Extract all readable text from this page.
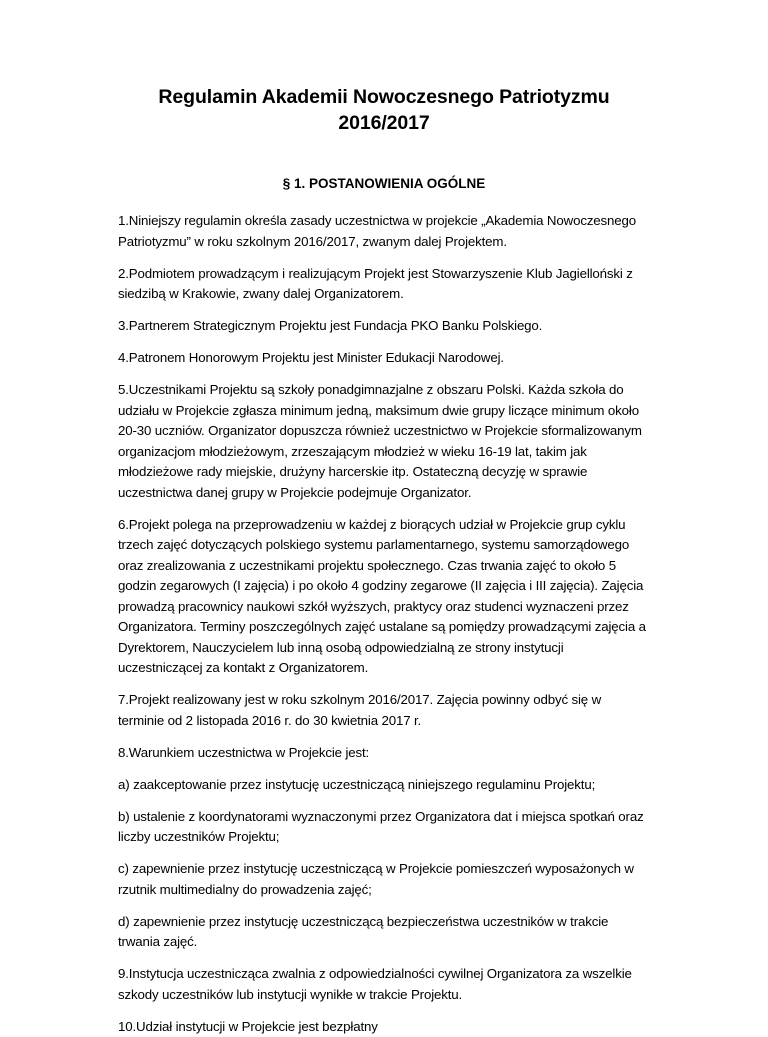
Regulamin Akademii Nowoczesnego Patriotyzmu 2016/2017
§ 1. POSTANOWIENIA OGÓLNE

1.Niniejszy regulamin określa zasady uczestnictwa w projekcie „Akademia Nowoczesnego Patriotyzmu” w roku szkolnym 2016/2017, zwanym dalej Projektem.

2.Podmiotem prowadzącym i realizującym Projekt jest Stowarzyszenie Klub Jagielloński z siedzibą w Krakowie, zwany dalej Organizatorem.

3.Partnerem Strategicznym Projektu jest Fundacja PKO Banku Polskiego.

4.Patronem Honorowym Projektu jest Minister Edukacji Narodowej.

5.Uczestnikami Projektu są szkoły ponadgimnazjalne z obszaru Polski. Każda szkoła do udziału w Projekcie zgłasza minimum jedną, maksimum dwie grupy liczące minimum około 20-30 uczniów. Organizator dopuszcza również uczestnictwo w Projekcie sformalizowanym organizacjom młodzieżowym, zrzeszającym młodzież w wieku 16-19 lat, takim jak młodzieżowe rady miejskie, drużyny harcerskie itp. Ostateczną decyzję w sprawie uczestnictwa danej grupy w Projekcie podejmuje Organizator.

6.Projekt polega na przeprowadzeniu w każdej z biorących udział w Projekcie grup cyklu trzech zajęć dotyczących polskiego systemu parlamentarnego, systemu samorządowego oraz zrealizowania z uczestnikami projektu społecznego. Czas trwania zajęć to około 5 godzin zegarowych (I zajęcia) i po około 4 godziny zegarowe (II zajęcia i III zajęcia). Zajęcia prowadzą pracownicy naukowi szkół wyższych, praktycy oraz studenci wyznaczeni przez Organizatora. Terminy poszczególnych zajęć ustalane są pomiędzy prowadzącymi zajęcia a Dyrektorem, Nauczycielem lub inną osobą odpowiedzialną ze strony instytucji uczestniczącej za kontakt z Organizatorem.

7.Projekt realizowany jest w roku szkolnym 2016/2017. Zajęcia powinny odbyć się w terminie od 2 listopada 2016 r. do 30 kwietnia 2017 r.

8.Warunkiem uczestnictwa w Projekcie jest:

a) zaakceptowanie przez instytucję uczestniczącą niniejszego regulaminu Projektu;

b) ustalenie z koordynatorami wyznaczonymi przez Organizatora dat i miejsca spotkań oraz liczby uczestników Projektu;

c) zapewnienie przez instytucję uczestniczącą w Projekcie pomieszczeń wyposażonych w rzutnik multimedialny do prowadzenia zajęć;

d) zapewnienie przez instytucję uczestniczącą bezpieczeństwa uczestników w trakcie trwania zajęć.

9.Instytucja uczestnicząca zwalnia z odpowiedzialności cywilnej Organizatora za wszelkie szkody uczestników lub instytucji wynikłe w trakcie Projektu.

10.Udział instytucji w Projekcie jest bezpłatny
